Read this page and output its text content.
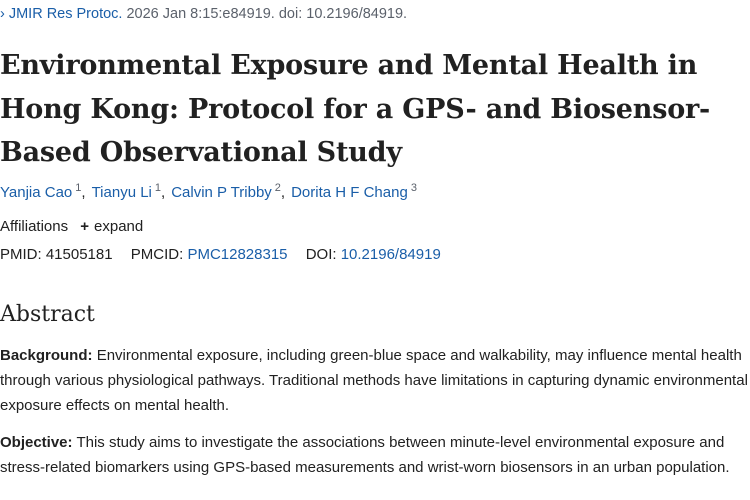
› JMIR Res Protoc. 2026 Jan 8:15:e84919. doi: 10.2196/84919.
Environmental Exposure and Mental Health in Hong Kong: Protocol for a GPS- and Biosensor-Based Observational Study
Yanjia Cao $^1$, Tianyu Li $^1$, Calvin P Tribby $^2$, Dorita H F Chang $^3$
Affiliations + expand
PMID: 41505181 PMCID: PMC12828315 DOI: 10.2196/84919
Abstract

Background: Environmental exposure, including green-blue space and walkability, may influence mental health through various physiological pathways. Traditional methods have limitations in capturing dynamic environmental exposure effects on mental health.

Objective: This study aims to investigate the associations between minute-level environmental exposure and stress-related biomarkers using GPS-based measurements and wrist-worn biosensors in an urban population.
